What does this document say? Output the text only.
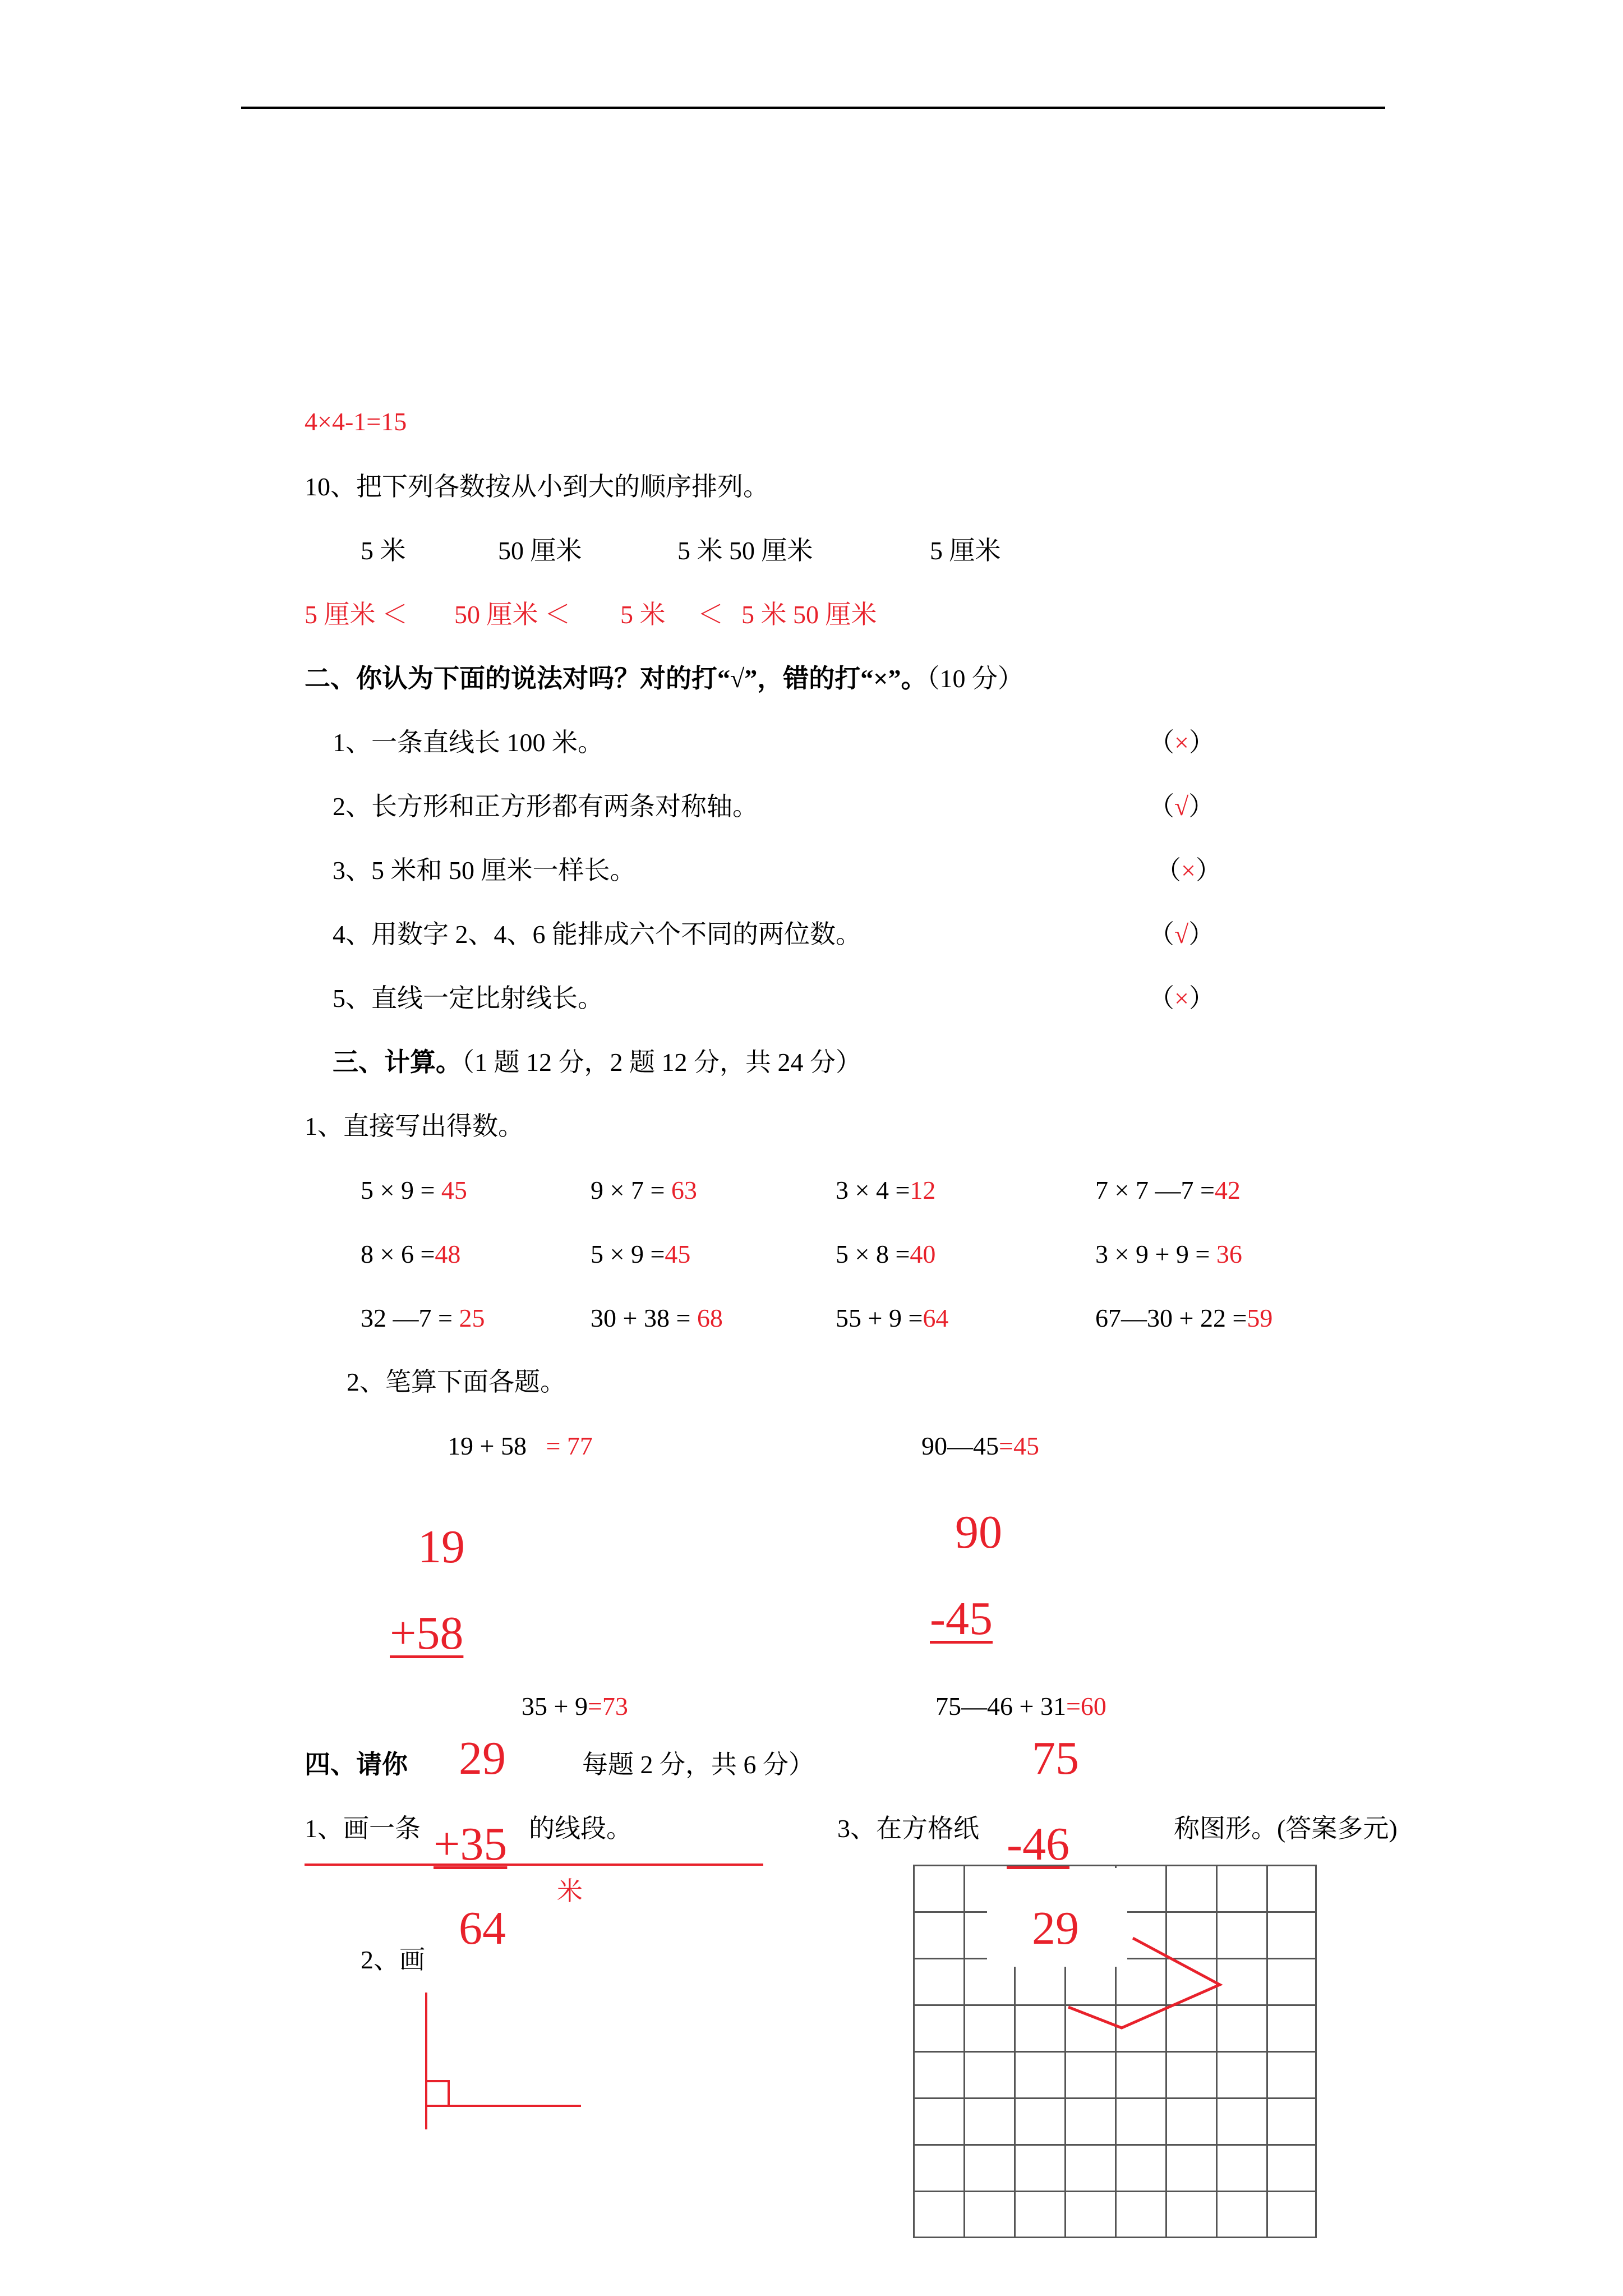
4×4-1=15
10、把下列各数按从小到大的顺序排列。
5 米	50 厘米	5 米 50 厘米	5 厘米
5 厘米 ＜ 50 厘米 ＜ 5 米 ＜ 5 米 50 厘米
二、你认为下面的说法对吗？对的打“√”，错的打“×”。（10 分）
1、一条直线长 100 米。	（×）
2、长方形和正方形都有两条对称轴。	（√）
3、5 米和 50 厘米一样长。	（×）
4、用数字 2、4、6 能排成六个不同的两位数。	（√）
5、直线一定比射线长。	（×）
三、计算。（1 题 12 分，2 题 12 分，共 24 分）
1、直接写出得数。
5 × 9 = 45	9 × 7 = 63	3 × 4 =12	7 × 7 —7 =42
8 × 6 =48	5 × 9 =45	5 × 8 =40	3 × 9 + 9 = 36
32 —7 = 25	30 + 38 = 68	55 + 9 =64	67—30 + 22 =59
2、笔算下面各题。
19 + 58   = 77	90—45=45
19
+58
90
-45
35 + 9=73	75—46 + 31=60
四、请你	每题 2 分，共 6 分）
1、画一条	的线段。
米
2、画
29
+35
64
3、在方格纸	称图形。(答案多元)
75
-46
29
